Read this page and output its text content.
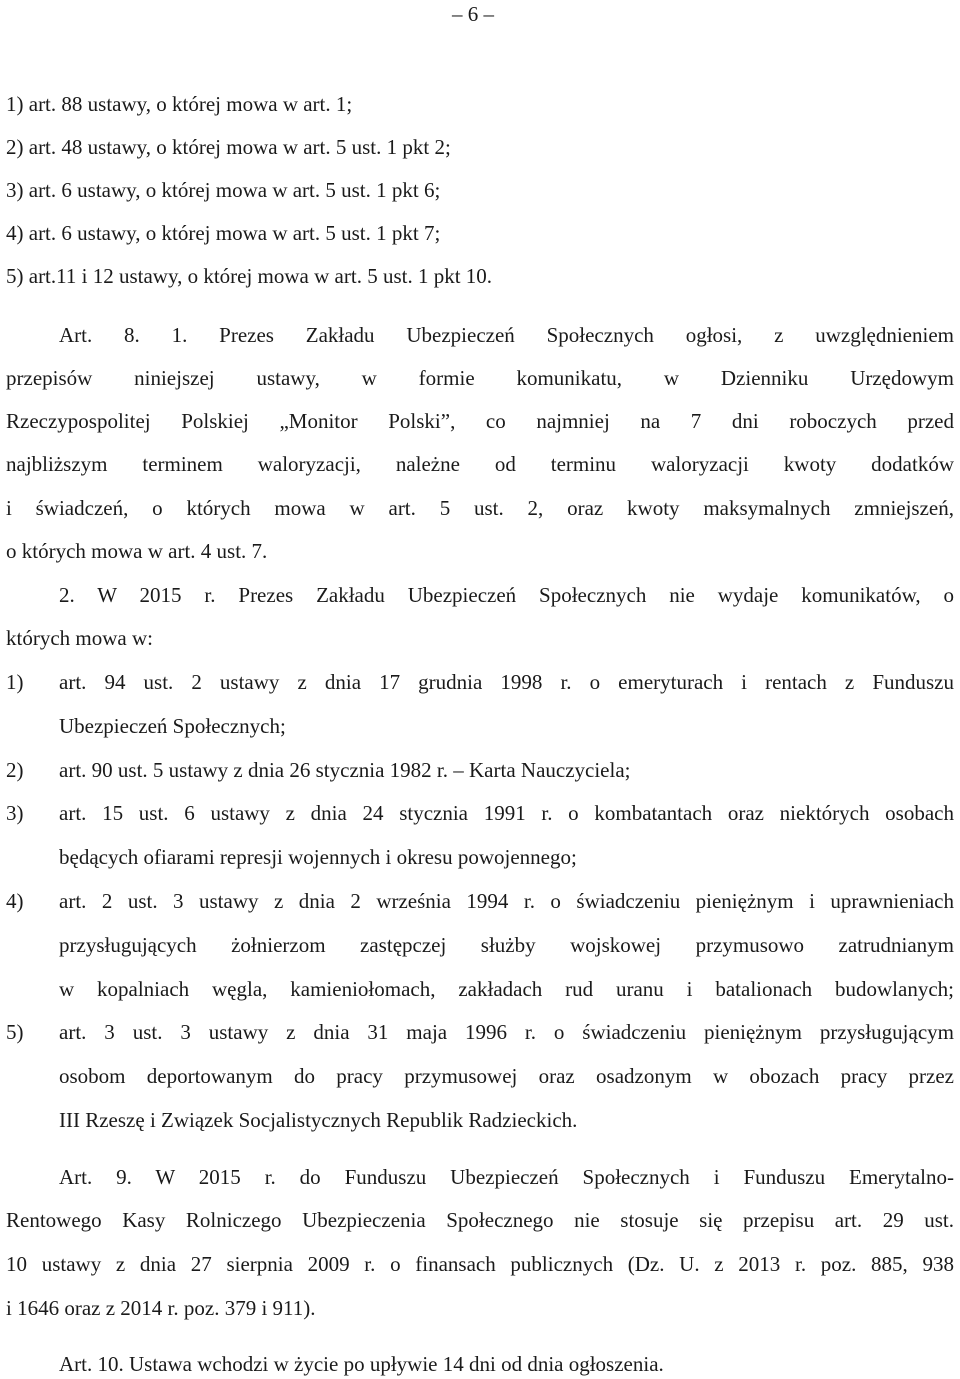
– 6 –
1) art. 88 ustawy, o której mowa w art. 1;
2) art. 48 ustawy, o której mowa w art. 5 ust. 1 pkt 2;
3) art. 6 ustawy, o której mowa w art. 5 ust. 1 pkt 6;
4) art. 6 ustawy, o której mowa w art. 5 ust. 1 pkt 7;
5) art.11 i 12 ustawy, o której mowa w art. 5 ust. 1 pkt 10.
Art. 8. 1. Prezes Zakładu Ubezpieczeń Społecznych ogłosi, z uwzględnieniem
przepisów niniejszej ustawy, w formie komunikatu, w Dzienniku Urzędowym
Rzeczypospolitej Polskiej „Monitor Polski”, co najmniej na 7 dni roboczych przed
najbliższym terminem waloryzacji, należne od terminu waloryzacji kwoty dodatków
i świadczeń, o których mowa w art. 5 ust. 2, oraz kwoty maksymalnych zmniejszeń,
o których mowa w art. 4 ust. 7.
2. W 2015 r. Prezes Zakładu Ubezpieczeń Społecznych nie wydaje komunikatów, o
których mowa w:
1) art. 94 ust. 2 ustawy z dnia 17 grudnia 1998 r. o emeryturach i rentach z Funduszu
Ubezpieczeń Społecznych;
2) art. 90 ust. 5 ustawy z dnia 26 stycznia 1982 r. – Karta Nauczyciela;
3) art. 15 ust. 6 ustawy z dnia 24 stycznia 1991 r. o kombatantach oraz niektórych osobach
będących ofiarami represji wojennych i okresu powojennego;
4) art. 2 ust. 3 ustawy z dnia 2 września 1994 r. o świadczeniu pieniężnym i uprawnieniach
przysługujących żołnierzom zastępczej służby wojskowej przymusowo zatrudnianym
w kopalniach węgla, kamieniołomach, zakładach rud uranu i batalionach budowlanych;
5) art. 3 ust. 3 ustawy z dnia 31 maja 1996 r. o świadczeniu pieniężnym przysługującym
osobom deportowanym do pracy przymusowej oraz osadzonym w obozach pracy przez
III Rzeszę i Związek Socjalistycznych Republik Radzieckich.
Art. 9. W 2015 r. do Funduszu Ubezpieczeń Społecznych i Funduszu Emerytalno-
Rentowego Kasy Rolniczego Ubezpieczenia Społecznego nie stosuje się przepisu art. 29 ust.
10 ustawy z dnia 27 sierpnia 2009 r. o finansach publicznych (Dz. U. z 2013 r. poz. 885, 938
i 1646 oraz z 2014 r. poz. 379 i 911).
Art. 10. Ustawa wchodzi w życie po upływie 14 dni od dnia ogłoszenia.
